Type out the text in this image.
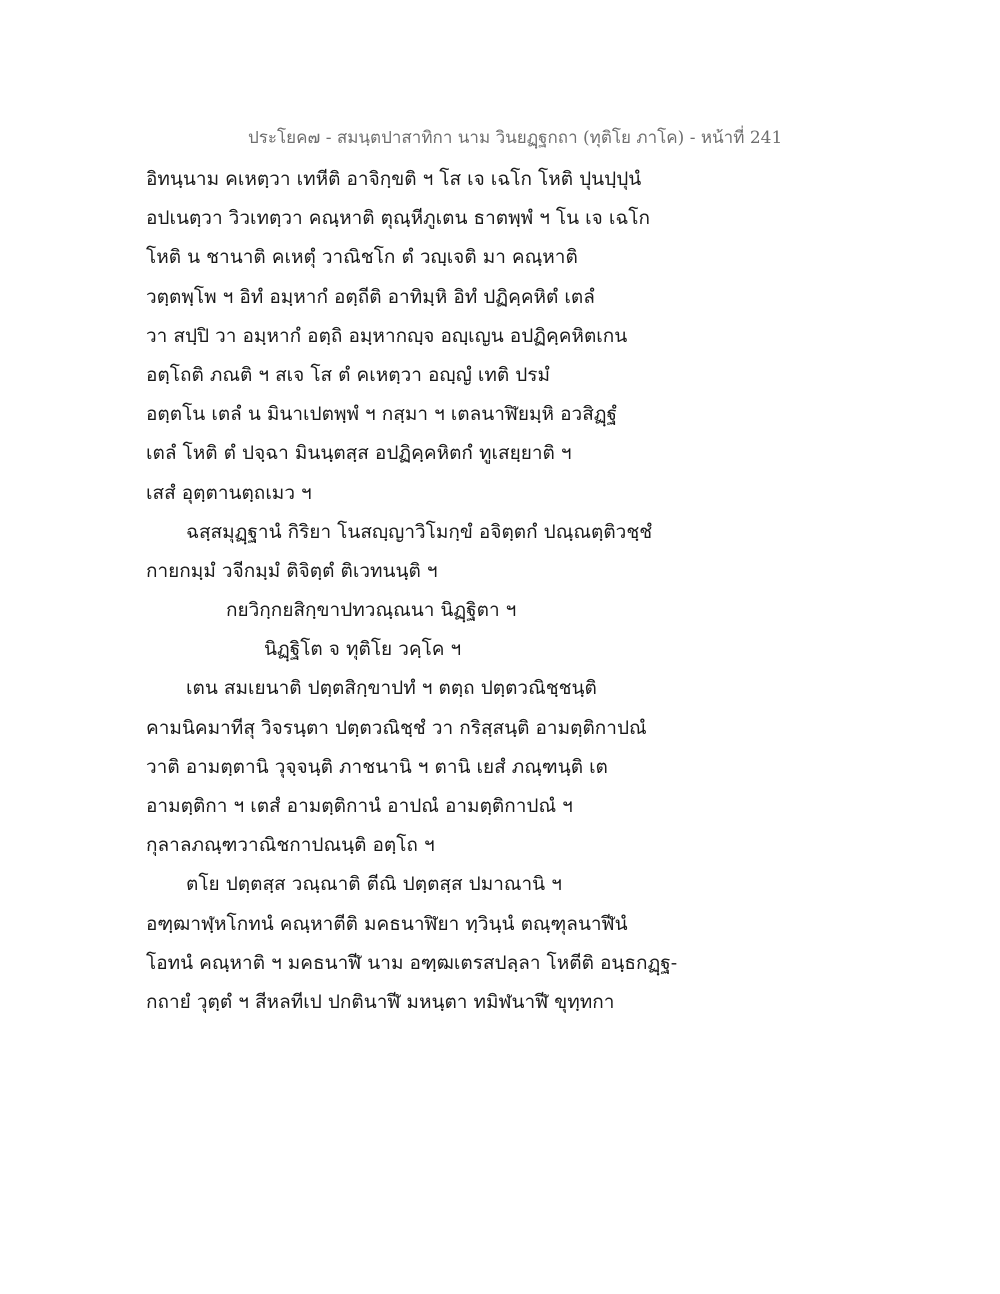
ประโยค๗ - สมนฺตปาสาทิกา นาม วินยฏฺฐกถา (ทุติโย ภาโค) - หน้าที่ 241
อิทนฺนาม คเหตฺวา เทหีติ อาจิกฺขติ ฯ โส เจ เฉโก โหติ ปุนปฺปุนํ
อปเนตฺวา วิวเทตฺวา คณฺหาติ ตุณฺหีภูเตน ธาตพฺพํ ฯ โน เจ เฉโก
โหติ น ชานาติ คเหตุํ วาณิชโก ตํ วญฺเจติ มา คณฺหาติ
วตฺตพฺโพ ฯ อิทํ อมฺหากํ อตฺถีติ อาทิมฺหิ อิทํ ปฏิคฺคหิตํ เตลํ
วา สปฺปิ วา อมฺหากํ อตฺถิ อมฺหากญฺจ อญฺเญน อปฏิคฺคหิตเกน
อตฺโถติ ภณติ ฯ สเจ โส ตํ คเหตฺวา อญฺญํ เทติ ปรมํ
อตฺตโน เตลํ น มินาเปตพฺพํ ฯ กสฺมา ฯ เตลนาฬิยมฺหิ อวสิฏฺฐํ
เตลํ โหติ ตํ ปจฺฉา มินนฺตสฺส อปฏิคฺคหิตกํ ทูเสยฺยาติ ฯ
เสสํ อุตฺตานตฺถเมว ฯ
ฉสฺสมุฏฺฐานํ กิริยา โนสญฺญาวิโมกฺขํ อจิตฺตกํ ปณฺณตฺติวชฺชํ
กายกมฺมํ วจีกมฺมํ ติจิตฺตํ ติเวทนนฺติ ฯ
กยวิกฺกยสิกฺขาปทวณฺณนา นิฏฺฐิตา ฯ
นิฏฺฐิโต จ ทุติโย วคฺโค ฯ
เตน สมเยนาติ ปตฺตสิกฺขาปทํ ฯ ตตฺถ ปตฺตวณิชฺชนฺติ
คามนิคมาทีสุ วิจรนฺตา ปตฺตวณิชฺชํ วา กริสฺสนฺติ อามตฺติกาปณํ
วาติ อามตฺตานิ วุจฺจนฺติ ภาชนานิ ฯ ตานิ เยสํ ภณฺฑนฺติ เต
อามตฺติกา ฯ เตสํ อามตฺติกานํ อาปณํ อามตฺติกาปณํ ฯ
กุลาลภณฺฑวาณิชกาปณนฺติ อตฺโถ ฯ
ตโย ปตฺตสฺส วณฺณาติ ตีณิ ปตฺตสฺส ปมาณานิ ฯ
อฑฺฒาฬฺหโกทนํ คณฺหาตีติ มคธนาฬิยา ทฺวินฺนํ ตณฺฑุลนาฬีนํ
โอทนํ คณฺหาติ ฯ มคธนาฬี นาม อฑฺฒเตรสปลฺลา โหตีติ อนฺธกฏฺฐ-
กถายํ วุตฺตํ ฯ สีหลทีเป ปกตินาฬี มหนฺตา ทมิฬนาฬี ขุทฺทกา
